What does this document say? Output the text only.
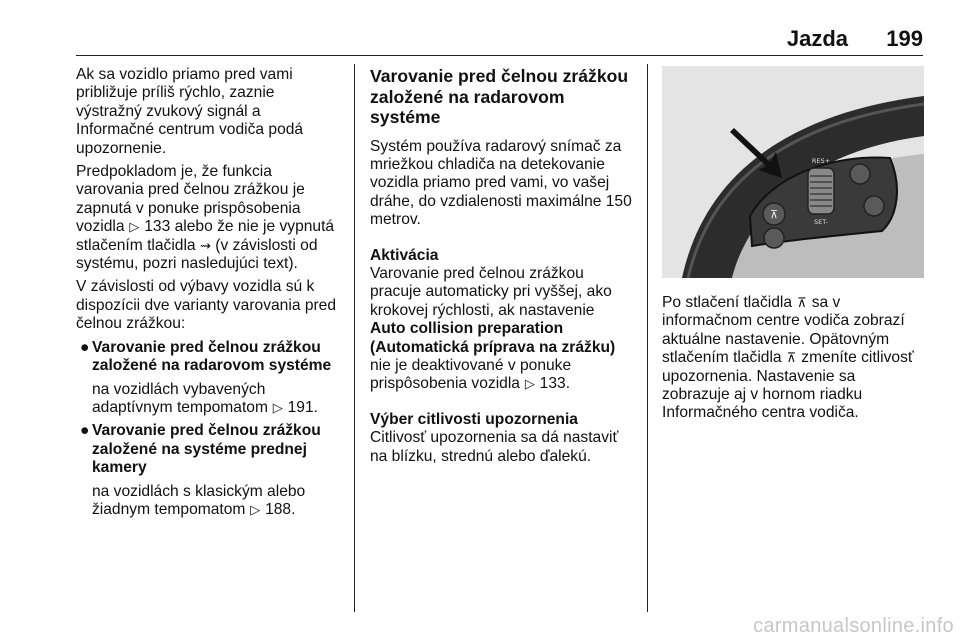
Jazda 199

Ak sa vozidlo priamo pred vami približuje príliš rýchlo, zaznie výstražný zvukový signál a Informačné centrum vodiča podá upozornenie.

Predpokladom je, že funkcia varovania pred čelnou zrážkou je zapnutá v ponuke prispôsobenia vozidla ▷ 133 alebo že nie je vypnutá stlačením tlačidla ⇝ (v závislosti od systému, pozri nasledujúci text).

V závislosti od výbavy vozidla sú k dispozícii dve varianty varovania pred čelnou zrážkou:

● Varovanie pred čelnou zrážkou založené na radarovom systéme
na vozidlách vybavených adaptívnym tempomatom ▷ 191.
● Varovanie pred čelnou zrážkou založené na systéme prednej kamery
na vozidlách s klasickým alebo žiadnym tempomatom ▷ 188.
Varovanie pred čelnou zrážkou založené na radarovom systéme

Systém používa radarový snímač za mriežkou chladiča na detekovanie vozidla priamo pred vami, vo vašej dráhe, do vzdialenosti maximálne 150 metrov.

Aktivácia

Varovanie pred čelnou zrážkou pracuje automaticky pri vyššej, ako krokovej rýchlosti, ak nastavenie Auto collision preparation (Automatická príprava na zrážku) nie je deaktivované v ponuke prispôsobenia vozidla ▷ 133.

Výber citlivosti upozornenia

Citlivosť upozornenia sa dá nastaviť na blízku, strednú alebo ďalekú.

⊼
RES+
SET-

Po stlačení tlačidla ⊼ sa v informačnom centre vodiča zobrazí aktuálne nastavenie. Opätovným stlačením tlačidla ⊼ zmeníte citlivosť upozornenia. Nastavenie sa zobrazuje aj v hornom riadku Informačného centra vodiča.

carmanualsonline.info
